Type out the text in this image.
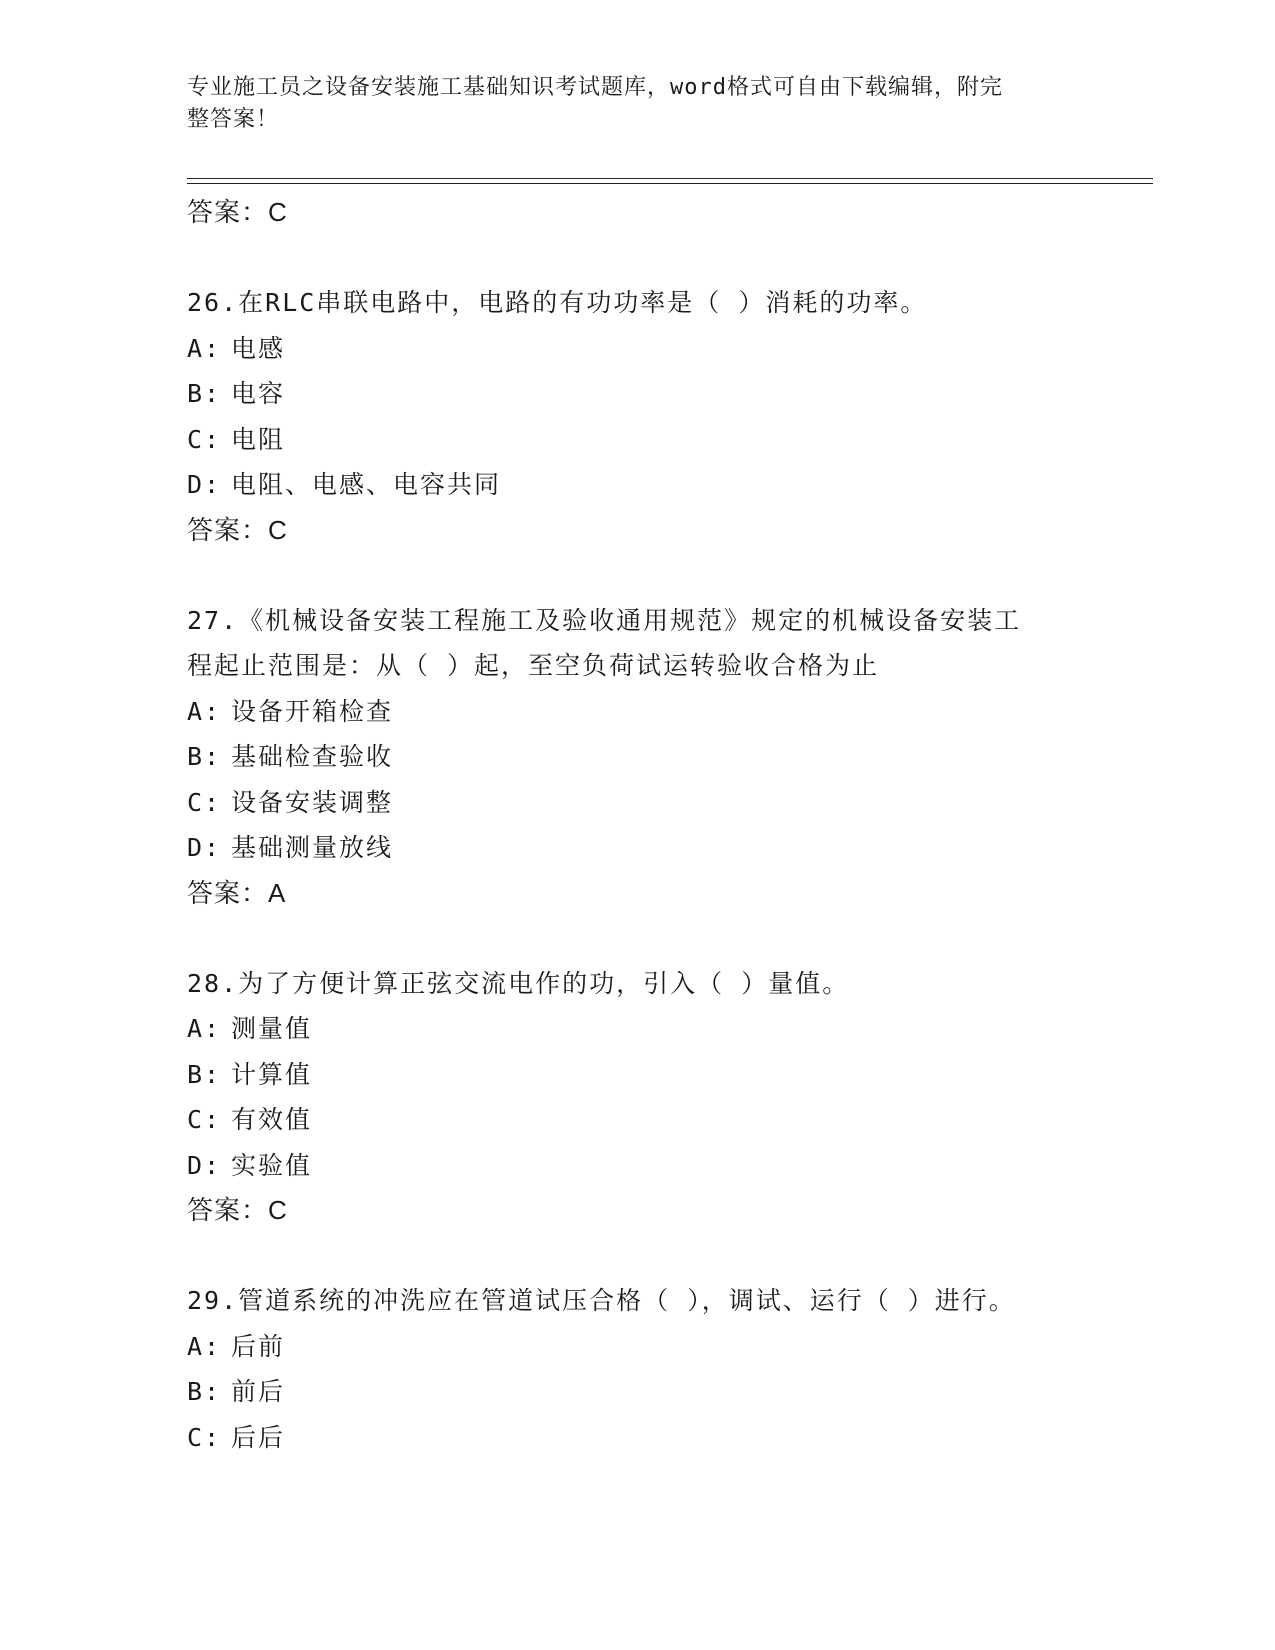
专业施工员之设备安装施工基础知识考试题库，word格式可自由下载编辑，附完
整答案！
答案：C
26.在RLC串联电路中，电路的有功功率是（ ）消耗的功率。
A: 电感
B: 电容
C: 电阻
D: 电阻、电感、电容共同
答案：C
27.《机械设备安装工程施工及验收通用规范》规定的机械设备安装工
程起止范围是：从（ ）起，至空负荷试运转验收合格为止
A: 设备开箱检查
B: 基础检查验收
C: 设备安装调整
D: 基础测量放线
答案：A
28.为了方便计算正弦交流电作的功，引入（ ）量值。
A: 测量值
B: 计算值
C: 有效值
D: 实验值
答案：C
29.管道系统的冲洗应在管道试压合格（ ），调试、运行（ ）进行。
A: 后前
B: 前后
C: 后后
